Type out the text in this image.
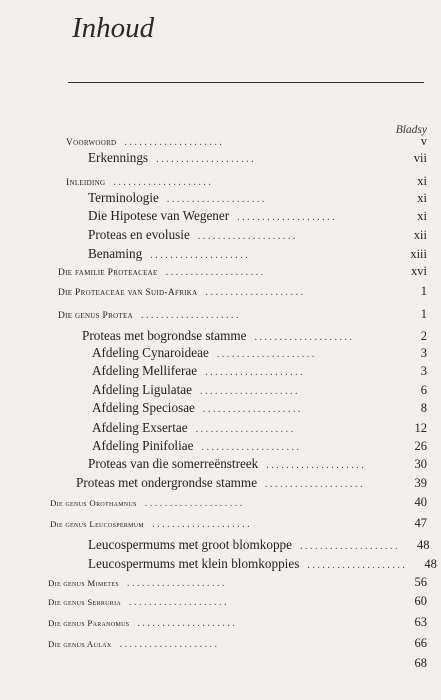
Inhoud
Bladsy
Voorwoord . . . . . . . . . . . . . . . . . . . .	v
Erkennings . . . . . . . . . . . . . . . . . . . .	vii
Inleiding . . . . . . . . . . . . . . . . . . . .	xi
Terminologie . . . . . . . . . . . . . . . . . . . .	xi
Die Hipotese van Wegener . . . . . . . . . . . . . . . . . . . .	xi
Proteas en evolusie . . . . . . . . . . . . . . . . . . . .	xii
Benaming . . . . . . . . . . . . . . . . . . . .	xiii
Die familie Proteaceae . . . . . . . . . . . . . . . . . . . .	xvi
Die Proteaceae van Suid-Afrika . . . . . . . . . . . . . . . . . . . .	1
Die genus Protea . . . . . . . . . . . . . . . . . . . .	1
Proteas met bogrondse stamme . . . . . . . . . . . . . . . . . . . .	2
Afdeling Cynaroideae . . . . . . . . . . . . . . . . . . . .	3
Afdeling Melliferae . . . . . . . . . . . . . . . . . . . .	3
Afdeling Ligulatae . . . . . . . . . . . . . . . . . . . .	6
Afdeling Speciosae . . . . . . . . . . . . . . . . . . . .	8
Afdeling Exsertae . . . . . . . . . . . . . . . . . . . .	12
Afdeling Pinifoliae . . . . . . . . . . . . . . . . . . . .	26
Proteas van die somerreënstreek . . . . . . . . . . . . . . . . . . . .	30
Proteas met ondergrondse stamme . . . . . . . . . . . . . . . . . . . .	39
Die genus Orothamnus . . . . . . . . . . . . . . . . . . . .	40
Die genus Leucospermum . . . . . . . . . . . . . . . . . . . .	47
Leucospermums met groot blomkoppe . . . . . . . . . . . . . . . . . . . .	48
Leucospermums met klein blomkoppies . . . . . . . . . . . . . . . . . . . .	48
Die genus Mimetes . . . . . . . . . . . . . . . . . . . .	56
Die genus Serruria . . . . . . . . . . . . . . . . . . . .	60
Die genus Paranomus . . . . . . . . . . . . . . . . . . . .	63
Die genus Aulax . . . . . . . . . . . . . . . . . . . .	66
68
